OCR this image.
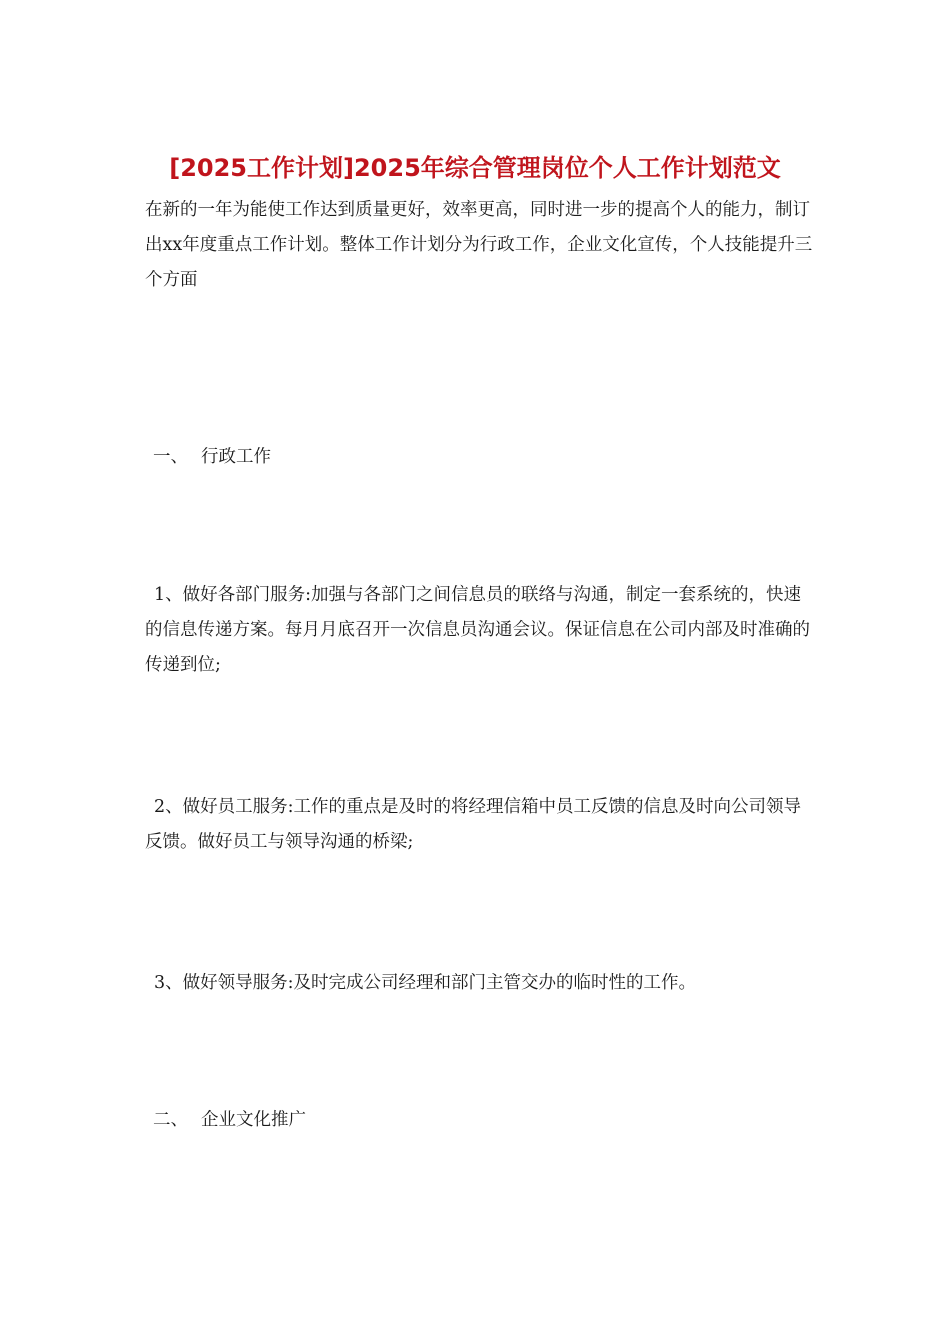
[2025工作计划]2025年综合管理岗位个人工作计划范文
在新的一年为能使工作达到质量更好，效率更高，同时进一步的提高个人的能力，制订出xx年度重点工作计划。整体工作计划分为行政工作，企业文化宣传，个人技能提升三个方面
一、 行政工作
1、做好各部门服务:加强与各部门之间信息员的联络与沟通，制定一套系统的，快速的信息传递方案。每月月底召开一次信息员沟通会议。保证信息在公司内部及时准确的传递到位;
2、做好员工服务:工作的重点是及时的将经理信箱中员工反馈的信息及时向公司领导反馈。做好员工与领导沟通的桥梁;
3、做好领导服务:及时完成公司经理和部门主管交办的临时性的工作。
二、 企业文化推广
